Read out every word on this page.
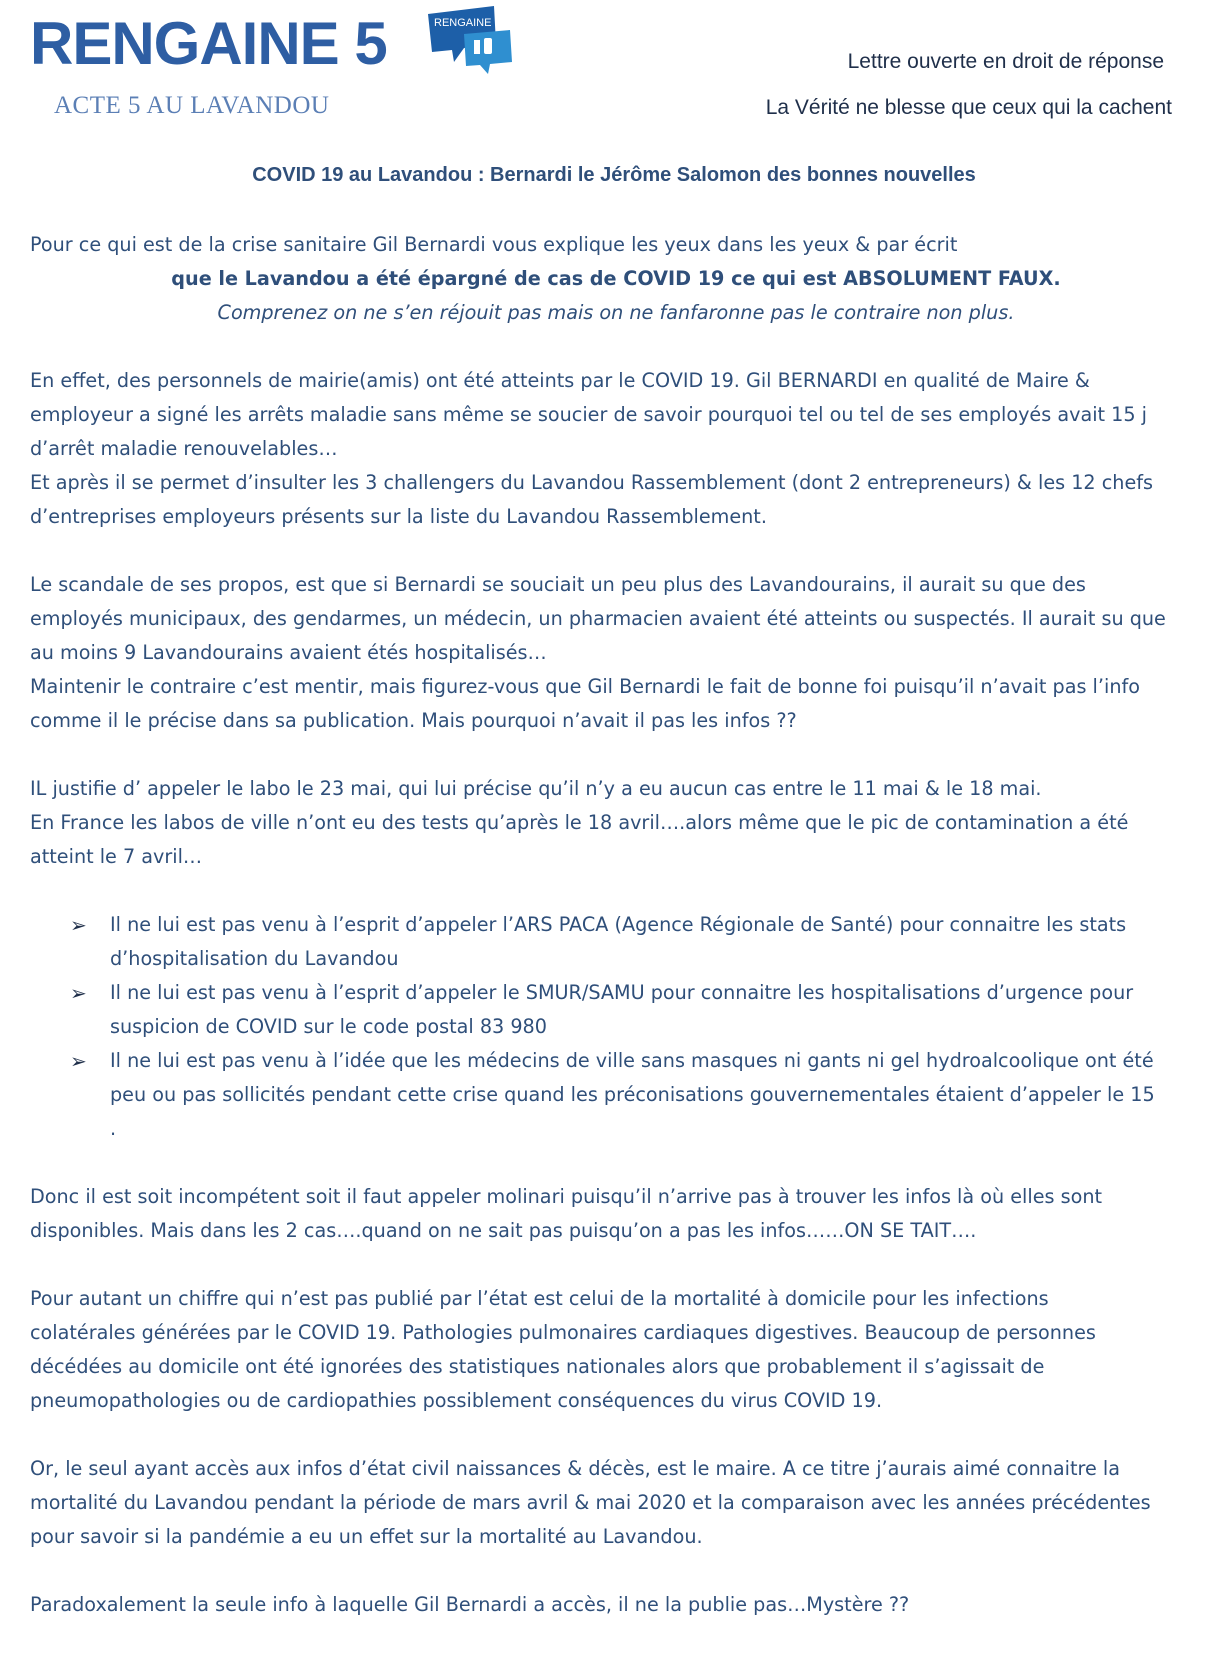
RENGAINE 5
ACTE 5 AU LAVANDOU
RENGAINE
Lettre ouverte en droit de réponse
La Vérité ne blesse que ceux qui la cachent
COVID 19 au Lavandou : Bernardi le Jérôme Salomon des bonnes nouvelles
Pour ce qui est de la crise sanitaire Gil Bernardi vous explique les yeux dans les yeux & par écrit
que le Lavandou a été épargné de cas de COVID 19 ce qui est ABSOLUMENT FAUX.
Comprenez on ne s’en réjouit pas mais on ne fanfaronne pas le contraire non plus.
En effet, des personnels de mairie(amis) ont été atteints par le COVID 19. Gil BERNARDI en qualité de Maire &
employeur a signé les arrêts maladie sans même se soucier de savoir pourquoi tel ou tel de ses employés avait 15 j
d’arrêt maladie renouvelables…
Et après il se permet d’insulter les 3 challengers du Lavandou Rassemblement (dont 2 entrepreneurs) & les 12 chefs
d’entreprises employeurs présents sur la liste du Lavandou Rassemblement.
Le scandale de ses propos, est que si Bernardi se souciait un peu plus des Lavandourains, il aurait su que des
employés municipaux, des gendarmes, un médecin, un pharmacien avaient été atteints ou suspectés. Il aurait su que
au moins 9 Lavandourains avaient étés hospitalisés…
Maintenir le contraire c’est mentir, mais figurez-vous que Gil Bernardi le fait de bonne foi puisqu’il n’avait pas l’info
comme il le précise dans sa publication. Mais pourquoi n’avait il pas les infos ??
IL justifie d’ appeler le labo le 23 mai, qui lui précise qu’il n’y a eu aucun cas entre le 11 mai & le 18 mai.
En France les labos de ville n’ont eu des tests qu’après le 18 avril….alors même que le pic de contamination a été
atteint le 7 avril…
➢ Il ne lui est pas venu à l’esprit d’appeler l’ARS PACA (Agence Régionale de Santé) pour connaitre les stats
d’hospitalisation du Lavandou
➢ Il ne lui est pas venu à l’esprit d’appeler le SMUR/SAMU pour connaitre les hospitalisations d’urgence pour
suspicion de COVID sur le code postal 83 980
➢ Il ne lui est pas venu à l’idée que les médecins de ville sans masques ni gants ni gel hydroalcoolique ont été
peu ou pas sollicités pendant cette crise quand les préconisations gouvernementales étaient d’appeler le 15
.
Donc il est soit incompétent soit il faut appeler molinari puisqu’il n’arrive pas à trouver les infos là où elles sont
disponibles. Mais dans les 2 cas….quand on ne sait pas puisqu’on a pas les infos……ON SE TAIT….
Pour autant un chiffre qui n’est pas publié par l’état est celui de la mortalité à domicile pour les infections
colatérales générées par le COVID 19. Pathologies pulmonaires cardiaques digestives. Beaucoup de personnes
décédées au domicile ont été ignorées des statistiques nationales alors que probablement il s’agissait de
pneumopathologies ou de cardiopathies possiblement conséquences du virus COVID 19.
Or, le seul ayant accès aux infos d’état civil naissances & décès, est le maire. A ce titre j’aurais aimé connaitre la
mortalité du Lavandou pendant la période de mars avril & mai 2020 et la comparaison avec les années précédentes
pour savoir si la pandémie a eu un effet sur la mortalité au Lavandou.
Paradoxalement la seule info à laquelle Gil Bernardi a accès, il ne la publie pas…Mystère ??
